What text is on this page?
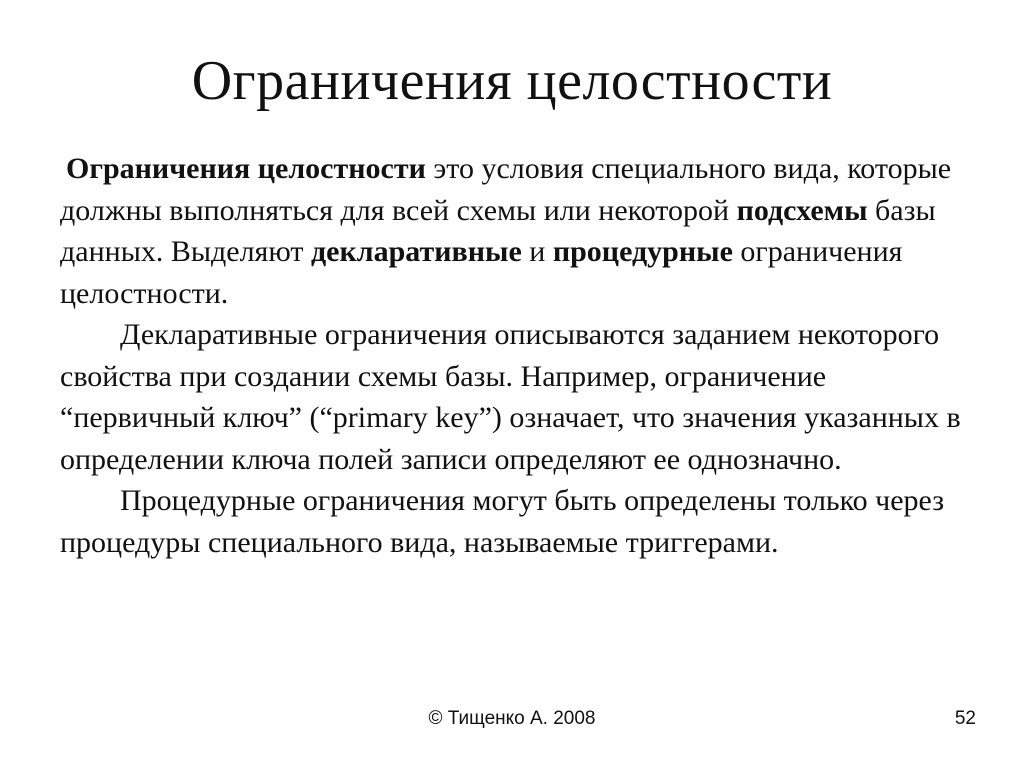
Ограничения целостности

Ограничения целостности это условия специального вида, которые должны выполняться для всей схемы или некоторой подсхемы базы данных. Выделяют декларативные и процедурные ограничения целостности.

Декларативные ограничения описываются заданием некоторого свойства при создании схемы базы. Например, ограничение “первичный ключ” (“primary key”) означает, что значения указанных в определении ключа полей записи определяют ее однозначно.

Процедурные ограничения могут быть определены только через процедуры специального вида, называемые триггерами.

© Тищенко А. 2008	52
